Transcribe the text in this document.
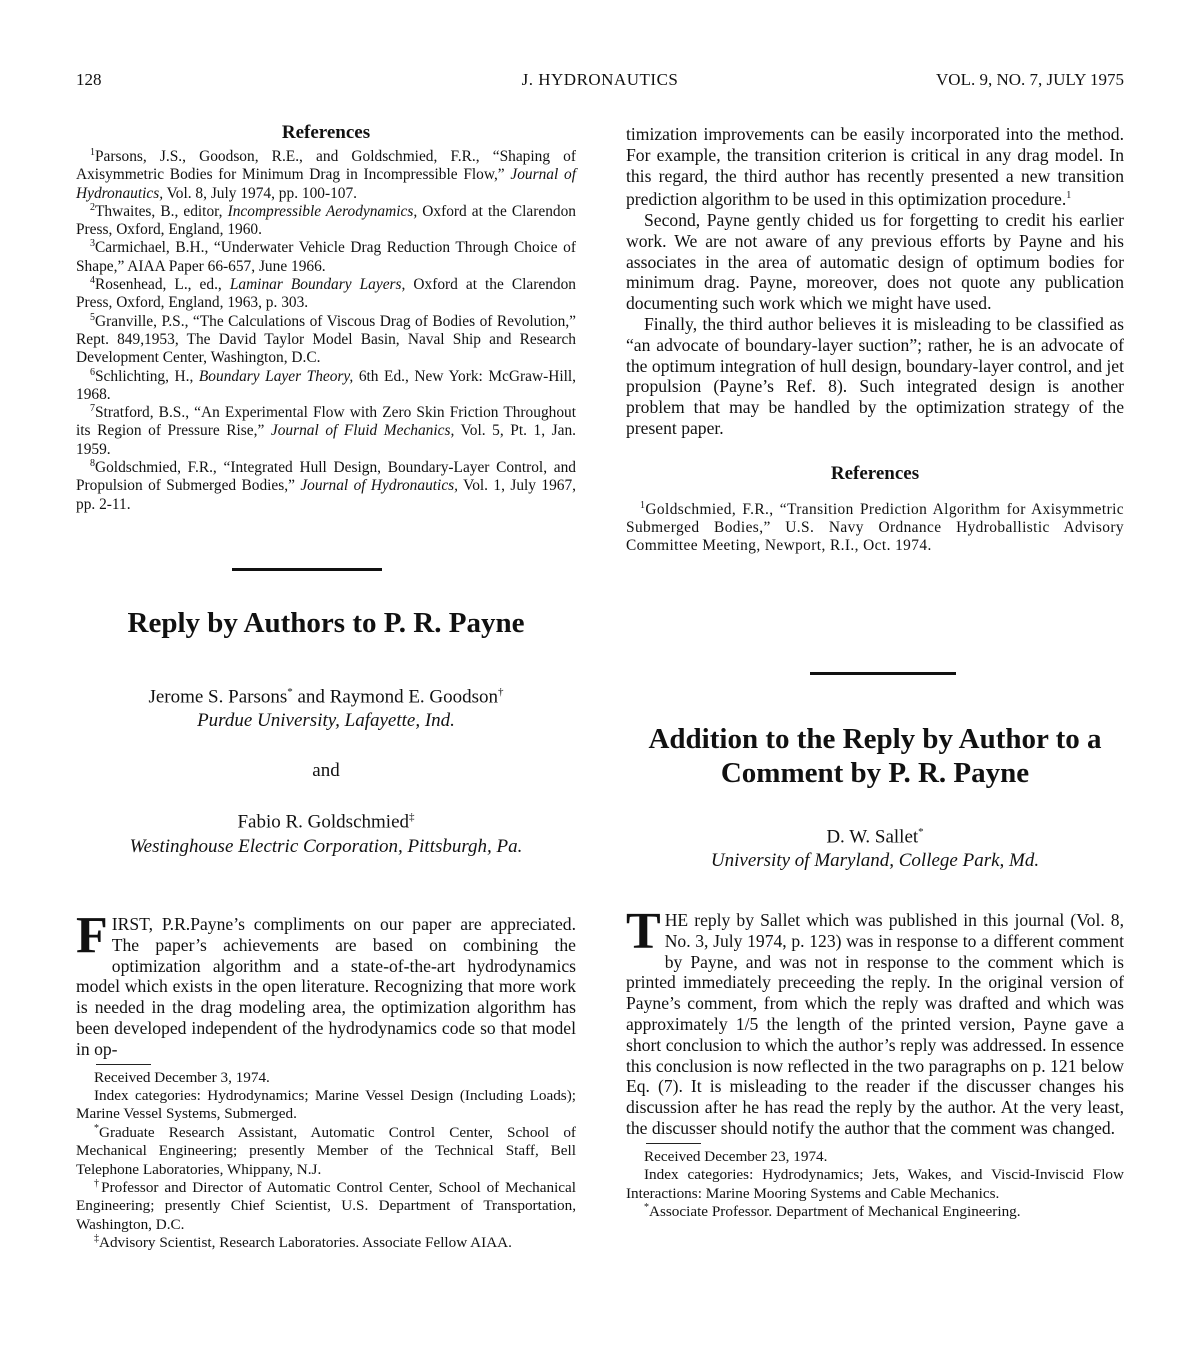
128	J. HYDRONAUTICS	VOL. 9, NO. 7, JULY 1975

References

$^1$Parsons, J.S., Goodson, R.E., and Goldschmied, F.R., “Shaping of Axisymmetric Bodies for Minimum Drag in Incompressible Flow,” Journal of Hydronautics, Vol. 8, July 1974, pp. 100-107.

$^2$Thwaites, B., editor, Incompressible Aerodynamics, Oxford at the Clarendon Press, Oxford, England, 1960.

$^3$Carmichael, B.H., “Underwater Vehicle Drag Reduction Through Choice of Shape,” AIAA Paper 66-657, June 1966.

$^4$Rosenhead, L., ed., Laminar Boundary Layers, Oxford at the Clarendon Press, Oxford, England, 1963, p. 303.

$^5$Granville, P.S., “The Calculations of Viscous Drag of Bodies of Revolution,” Rept. 849,1953, The David Taylor Model Basin, Naval Ship and Research Development Center, Washington, D.C.

$^6$Schlichting, H., Boundary Layer Theory, 6th Ed., New York: McGraw-Hill, 1968.

$^7$Stratford, B.S., “An Experimental Flow with Zero Skin Friction Throughout its Region of Pressure Rise,” Journal of Fluid Mechanics, Vol. 5, Pt. 1, Jan. 1959.

$^8$Goldschmied, F.R., “Integrated Hull Design, Boundary-Layer Control, and Propulsion of Submerged Bodies,” Journal of Hydronautics, Vol. 1, July 1967, pp. 2-11.

Reply by Authors to P. R. Payne

Jerome S. Parsons* and Raymond E. Goodson†

Purdue University, Lafayette, Ind.

and

Fabio R. Goldschmied‡

Westinghouse Electric Corporation, Pittsburgh, Pa.

FIRST, P.R.Payne’s compliments on our paper are appreciated. The paper’s achievements are based on combining the optimization algorithm and a state-of-the-art hydrodynamics model which exists in the open literature. Recognizing that more work is needed in the drag modeling area, the optimization algorithm has been developed independent of the hydrodynamics code so that model in op-

Received December 3, 1974.

Index categories: Hydrodynamics; Marine Vessel Design (Including Loads); Marine Vessel Systems, Submerged.

*Graduate Research Assistant, Automatic Control Center, School of Mechanical Engineering; presently Member of the Technical Staff, Bell Telephone Laboratories, Whippany, N.J.

†Professor and Director of Automatic Control Center, School of Mechanical Engineering; presently Chief Scientist, U.S. Department of Transportation, Washington, D.C.

‡Advisory Scientist, Research Laboratories. Associate Fellow AIAA.

timization improvements can be easily incorporated into the method. For example, the transition criterion is critical in any drag model. In this regard, the third author has recently presented a new transition prediction algorithm to be used in this optimization procedure.$^1$

Second, Payne gently chided us for forgetting to credit his earlier work. We are not aware of any previous efforts by Payne and his associates in the area of automatic design of optimum bodies for minimum drag. Payne, moreover, does not quote any publication documenting such work which we might have used.

Finally, the third author believes it is misleading to be classified as “an advocate of boundary-layer suction”; rather, he is an advocate of the optimum integration of hull design, boundary-layer control, and jet propulsion (Payne’s Ref. 8). Such integrated design is another problem that may be handled by the optimization strategy of the present paper.

References

$^1$Goldschmied, F.R., “Transition Prediction Algorithm for Axisymmetric Submerged Bodies,” U.S. Navy Ordnance Hydroballistic Advisory Committee Meeting, Newport, R.I., Oct. 1974.

Addition to the Reply by Author to a Comment by P. R. Payne

D. W. Sallet*

University of Maryland, College Park, Md.

THE reply by Sallet which was published in this journal (Vol. 8, No. 3, July 1974, p. 123) was in response to a different comment by Payne, and was not in response to the comment which is printed immediately preceeding the reply. In the original version of Payne’s comment, from which the reply was drafted and which was approximately 1/5 the length of the printed version, Payne gave a short conclusion to which the author’s reply was addressed. In essence this conclusion is now reflected in the two paragraphs on p. 121 below Eq. (7). It is misleading to the reader if the discusser changes his discussion after he has read the reply by the author. At the very least, the discusser should notify the author that the comment was changed.

Received December 23, 1974.

Index categories: Hydrodynamics; Jets, Wakes, and Viscid-Inviscid Flow Interactions: Marine Mooring Systems and Cable Mechanics.

*Associate Professor. Department of Mechanical Engineering.
